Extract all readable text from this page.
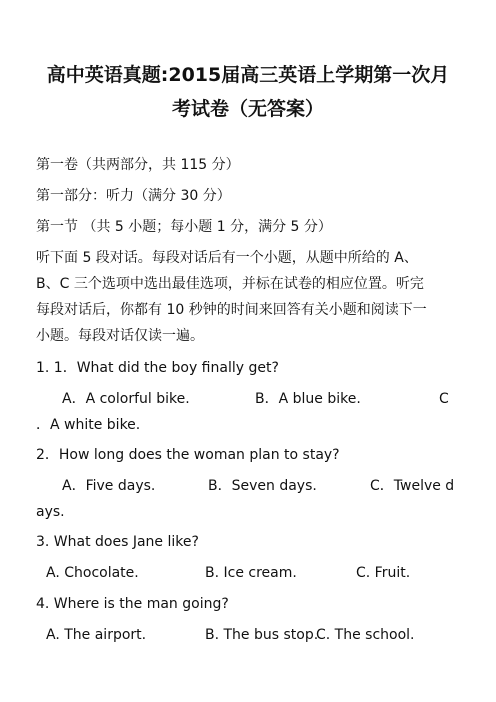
高中英语真题:2015届高三英语上学期第一次月
考试卷（无答案）
第一卷（共两部分，共 115 分）
第一部分：听力（满分 30 分）
第一节 （共 5 小题；每小题 1 分，满分 5 分）
听下面 5 段对话。每段对话后有一个小题，从题中所给的 A、
B、C 三个选项中选出最佳选项，并标在试卷的相应位置。听完
每段对话后，你都有 10 秒钟的时间来回答有关小题和阅读下一
小题。每段对话仅读一遍。
1. 1．What did the boy finally get?
A．A colorful bike.	B．A blue bike.	C
．A white bike.
2．How long does the woman plan to stay?
A．Five days.	B．Seven days.	C．Twelve d
ays.
3. What does Jane like?
A. Chocolate.	B. Ice cream.	C. Fruit.
4. Where is the man going?
A. The airport.	B. The bus stop.
C. The school.
